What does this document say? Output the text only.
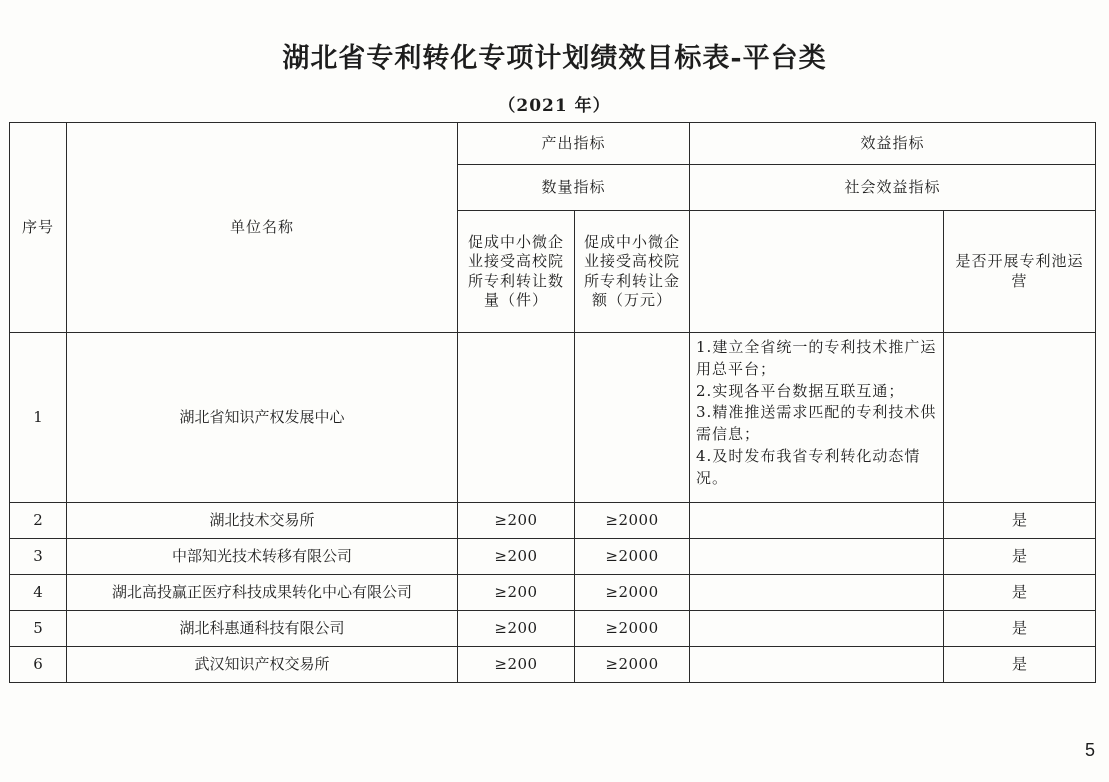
湖北省专利转化专项计划绩效目标表-平台类
（2021 年）
序号	单位名称	产出指标		效益指标	
		数量指标		社会效益指标	
		促成中小微企业接受高校院所专利转让数量（件）	促成中小微企业接受高校院所专利转让金额（万元）		是否开展专利池运营
1	湖北省知识产权发展中心			1.建立全省统一的专利技术推广运用总平台；
2.实现各平台数据互联互通；
3.精准推送需求匹配的专利技术供需信息；
4.及时发布我省专利转化动态情况。	

2	湖北技术交易所	≥200	≥2000		是
3	中部知光技术转移有限公司	≥200	≥2000		是
4	湖北高投赢正医疗科技成果转化中心有限公司	≥200	≥2000		是
5	湖北科惠通科技有限公司	≥200	≥2000		是
6	武汉知识产权交易所	≥200	≥2000		是
5
